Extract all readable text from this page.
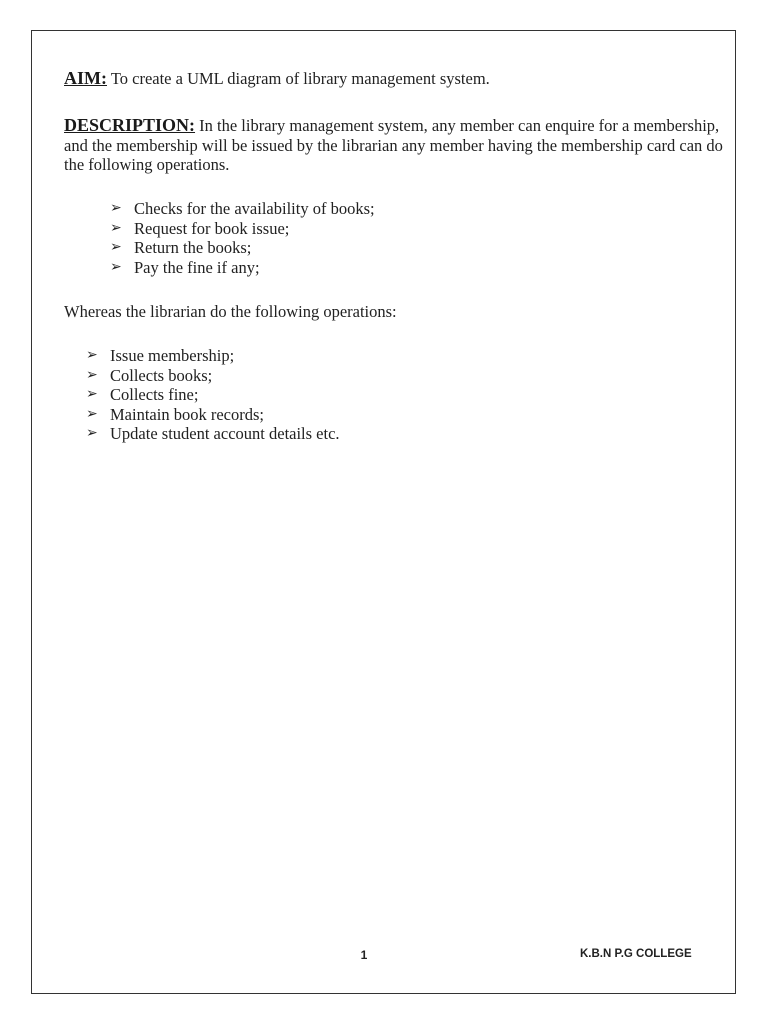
AIM: To create a UML diagram of library management system.
DESCRIPTION: In the library management system, any member can enquire for a membership, and the membership will be issued by the librarian any member having the membership card can do the following operations.
➢ Checks for the availability of books;
➢ Request for book issue;
➢ Return the books;
➢ Pay the fine if any;
Whereas the librarian do the following operations:
➢ Issue membership;
➢ Collects books;
➢ Collects fine;
➢ Maintain book records;
➢ Update student account details etc.
1	K.B.N P.G COLLEGE
